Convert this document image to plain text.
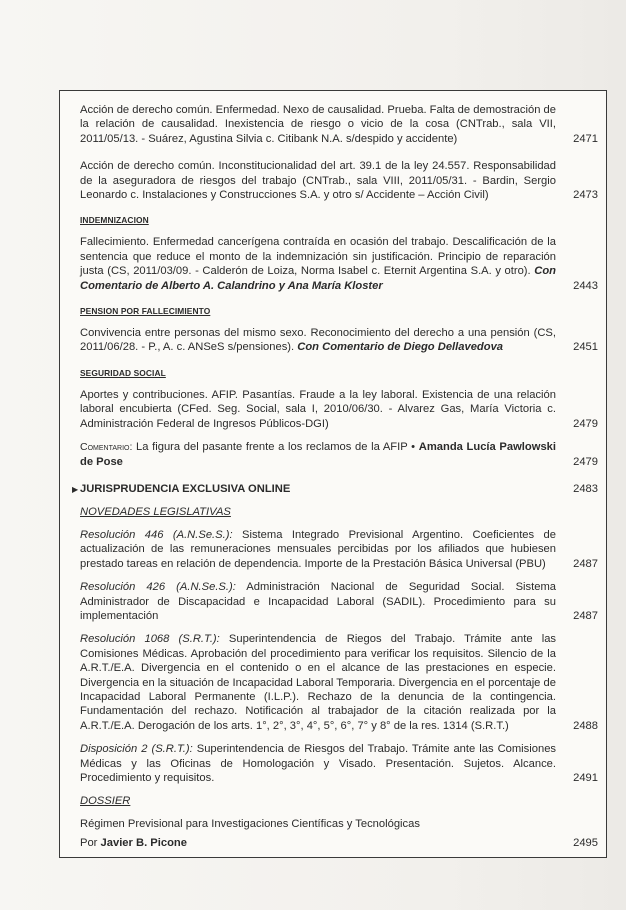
Acción de derecho común. Enfermedad. Nexo de causalidad. Prueba. Falta de demostración de la relación de causalidad. Inexistencia de riesgo o vicio de la cosa (CNTrab., sala VII, 2011/05/13. - Suárez, Agustina Silvia c. Citibank N.A. s/despido y accidente)	2471
Acción de derecho común. Inconstitucionalidad del art. 39.1 de la ley 24.557. Responsabilidad de la aseguradora de riesgos del trabajo (CNTrab., sala VIII, 2011/05/31. - Bardin, Sergio Leonardo c. Instalaciones y Construcciones S.A. y otro s/ Accidente – Acción Civil)	2473
INDEMNIZACION
Fallecimiento. Enfermedad cancerígena contraída en ocasión del trabajo. Descalificación de la sentencia que reduce el monto de la indemnización sin justificación. Principio de reparación justa (CS, 2011/03/09. - Calderón de Loiza, Norma Isabel c. Eternit Argentina S.A. y otro). Con Comentario de Alberto A. Calandrino y Ana María Kloster	2443
PENSION POR FALLECIMIENTO
Convivencia entre personas del mismo sexo. Reconocimiento del derecho a una pensión (CS, 2011/06/28. - P., A. c. ANSeS s/pensiones). Con Comentario de Diego Dellavedova	2451
SEGURIDAD SOCIAL
Aportes y contribuciones. AFIP. Pasantías. Fraude a la ley laboral. Existencia de una relación laboral encubierta (CFed. Seg. Social, sala I, 2010/06/30. - Alvarez Gas, María Victoria c. Administración Federal de Ingresos Públicos-DGI)	2479
Comentario: La figura del pasante frente a los reclamos de la AFIP • Amanda Lucía Pawlowski de Pose	2479
▶ JURISPRUDENCIA EXCLUSIVA ONLINE	2483
NOVEDADES LEGISLATIVAS
Resolución 446 (A.N.Se.S.): Sistema Integrado Previsional Argentino. Coeficientes de actualización de las remuneraciones mensuales percibidas por los afiliados que hubiesen prestado tareas en relación de dependencia. Importe de la Prestación Básica Universal (PBU)	2487
Resolución 426 (A.N.Se.S.): Administración Nacional de Seguridad Social. Sistema Administrador de Discapacidad e Incapacidad Laboral (SADIL). Procedimiento para su implementación	2487
Resolución 1068 (S.R.T.): Superintendencia de Riegos del Trabajo. Trámite ante las Comisiones Médicas. Aprobación del procedimiento para verificar los requisitos. Silencio de la A.R.T./E.A. Divergencia en el contenido o en el alcance de las prestaciones en especie. Divergencia en la situación de Incapacidad Laboral Temporaria. Divergencia en el porcentaje de Incapacidad Laboral Permanente (I.L.P.). Rechazo de la denuncia de la contingencia. Fundamentación del rechazo. Notificación al trabajador de la citación realizada por la A.R.T./E.A. Derogación de los arts. 1°, 2°, 3°, 4°, 5°, 6°, 7° y 8° de la res. 1314 (S.R.T.)	2488
Disposición 2 (S.R.T.): Superintendencia de Riesgos del Trabajo. Trámite ante las Comisiones Médicas y las Oficinas de Homologación y Visado. Presentación. Sujetos. Alcance. Procedimiento y requisitos.	2491
DOSSIER
Régimen Previsional para Investigaciones Científicas y Tecnológicas
Por Javier B. Picone	2495
